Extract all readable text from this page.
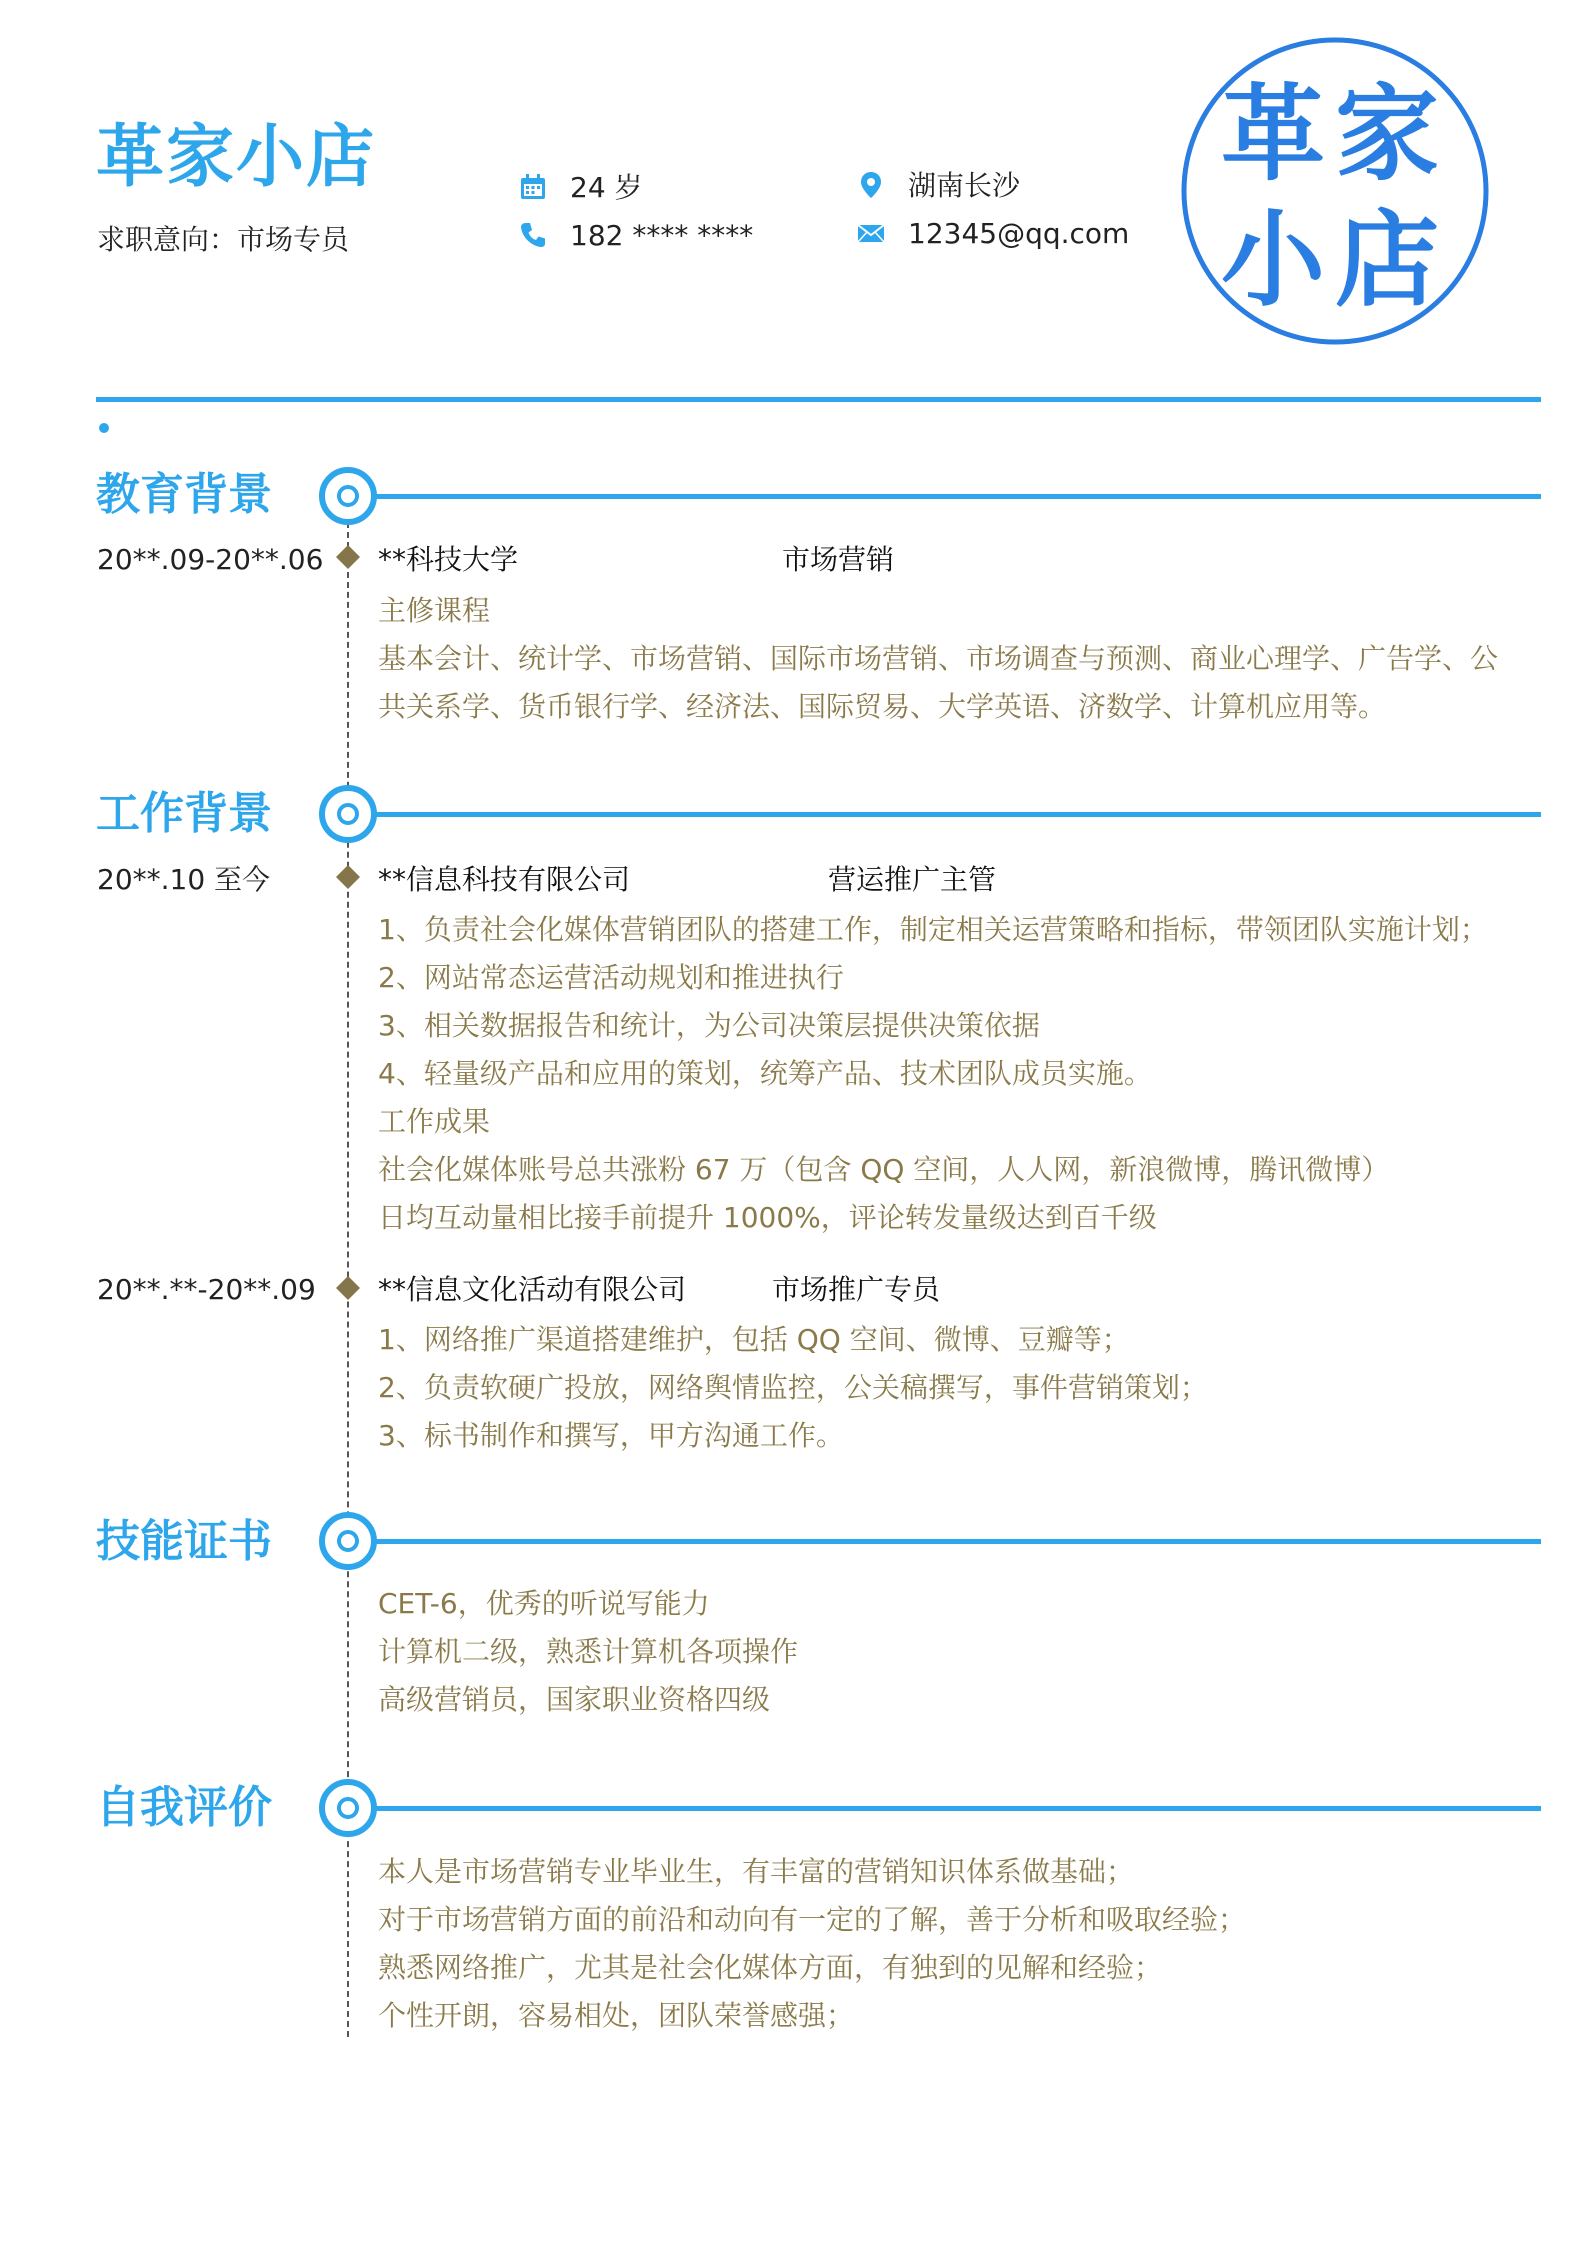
革家小店
求职意向：市场专员
24 岁
182 **** ****
湖南长沙
12345@qq.com
革家
小店
教育背景
20**.09-20**.06 **科技大学	市场营销
主修课程
基本会计、统计学、市场营销、国际市场营销、市场调查与预测、商业心理学、广告学、公
共关系学、货币银行学、经济法、国际贸易、大学英语、济数学、计算机应用等。
工作背景
20**.10 至今	**信息科技有限公司	营运推广主管
1、负责社会化媒体营销团队的搭建工作，制定相关运营策略和指标，带领团队实施计划；
2、网站常态运营活动规划和推进执行
3、相关数据报告和统计，为公司决策层提供决策依据
4、轻量级产品和应用的策划，统筹产品、技术团队成员实施。
工作成果
社会化媒体账号总共涨粉 67 万（包含 QQ 空间，人人网，新浪微博，腾讯微博）
日均互动量相比接手前提升 1000%，评论转发量级达到百千级
20**.**-20**.09 **信息文化活动有限公司	市场推广专员
1、网络推广渠道搭建维护，包括 QQ 空间、微博、豆瓣等；
2、负责软硬广投放，网络舆情监控，公关稿撰写，事件营销策划；
3、标书制作和撰写，甲方沟通工作。
技能证书
CET-6，优秀的听说写能力
计算机二级，熟悉计算机各项操作
高级营销员，国家职业资格四级
自我评价
本人是市场营销专业毕业生，有丰富的营销知识体系做基础；
对于市场营销方面的前沿和动向有一定的了解，善于分析和吸取经验；
熟悉网络推广，尤其是社会化媒体方面，有独到的见解和经验；
个性开朗，容易相处，团队荣誉感强；
